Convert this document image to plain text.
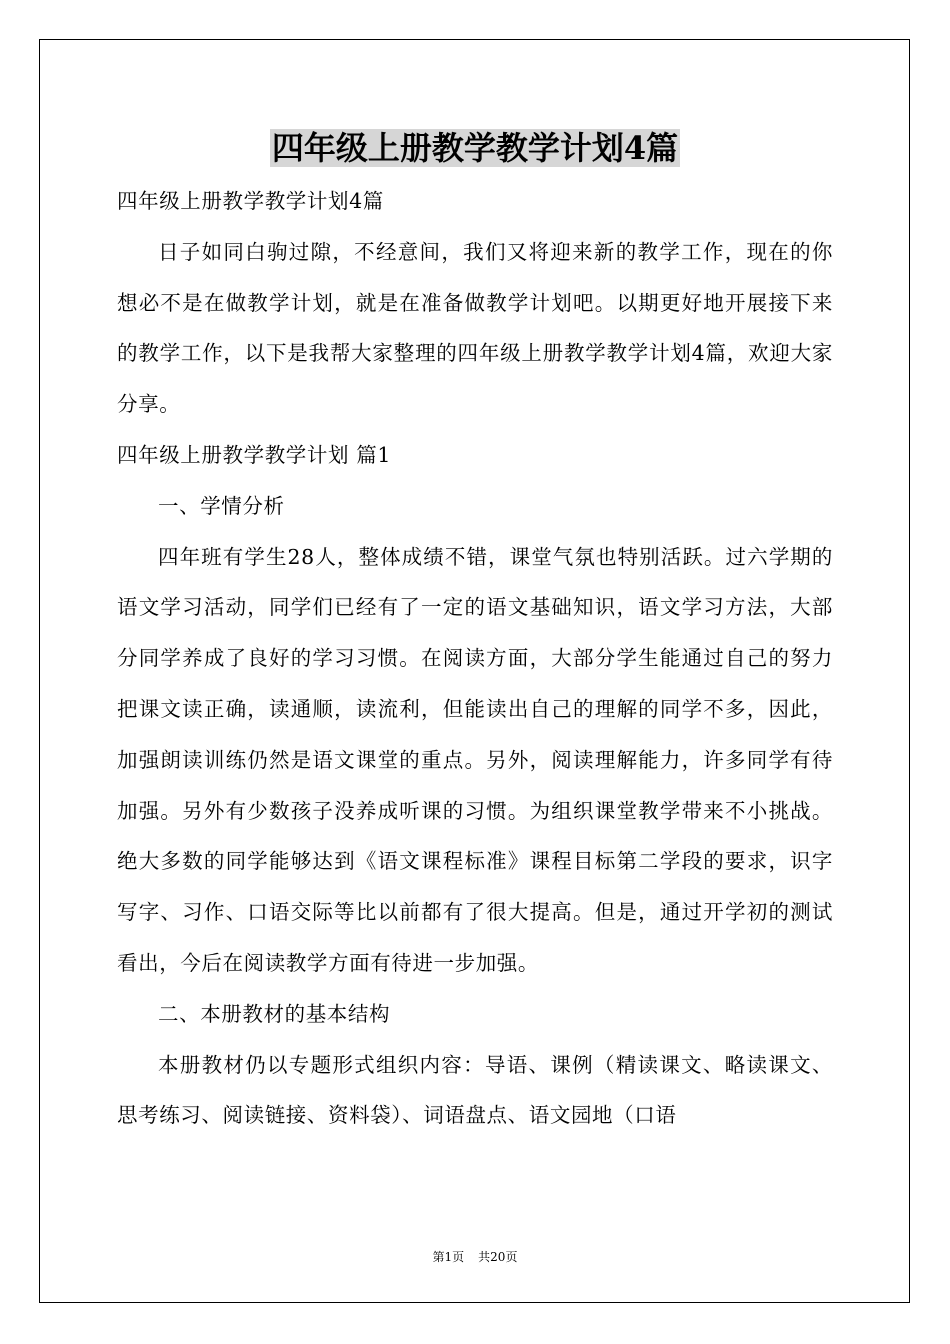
四年级上册教学教学计划4篇

四年级上册教学教学计划4篇

日子如同白驹过隙，不经意间，我们又将迎来新的教学工作，现在的你想必不是在做教学计划，就是在准备做教学计划吧。以期更好地开展接下来的教学工作，以下是我帮大家整理的四年级上册教学教学计划4篇，欢迎大家分享。

四年级上册教学教学计划 篇1

一、学情分析

四年班有学生28人，整体成绩不错，课堂气氛也特别活跃。过六学期的语文学习活动，同学们已经有了一定的语文基础知识，语文学习方法，大部分同学养成了良好的学习习惯。在阅读方面，大部分学生能通过自己的努力把课文读正确，读通顺，读流利，但能读出自己的理解的同学不多，因此，加强朗读训练仍然是语文课堂的重点。另外，阅读理解能力，许多同学有待加强。另外有少数孩子没养成听课的习惯。为组织课堂教学带来不小挑战。绝大多数的同学能够达到《语文课程标准》课程目标第二学段的要求，识字写字、习作、口语交际等比以前都有了很大提高。但是，通过开学初的测试看出，今后在阅读教学方面有待进一步加强。

二、本册教材的基本结构

本册教材仍以专题形式组织内容：导语、课例（精读课文、略读课文、思考练习、阅读链接、资料袋）、词语盘点、语文园地（口语

第1页 共20页
